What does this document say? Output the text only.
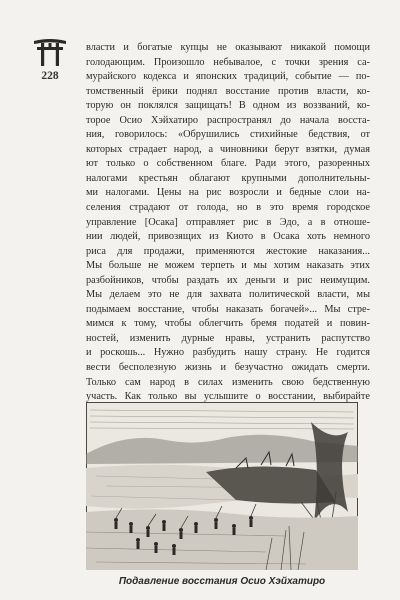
228

власти и богатые купцы не оказывают никакой помощи

голодающим. Произошло небывалое, с точки зрения са-

мурайского кодекса и японских традиций, событие — по-

томственный ёрики поднял восстание против власти, ко-

торую он поклялся защищать! В одном из воззваний, ко-

торое Осио Хэйхатиро распространял до начала восста-

ния, говорилось: «Обрушились стихийные бедствия, от

которых страдает народ, а чиновники берут взятки, думая

ют только о собственном благе. Ради этого, разоренных

налогами крестьян облагают крупными дополнительны-

ми налогами. Цены на рис возросли и бедные слои на-

селения страдают от голода, но в это время городское

управление [Осака] отправляет рис в Эдо, а в отноше-

нии людей, привозящих из Киото в Осака хоть немного

риса для продажи, применяются жестокие наказания...

Мы больше не можем терпеть и мы хотим наказать этих

разбойников, чтобы раздать их деньги и рис неимущим.

Мы делаем это не для захвата политической власти, мы

подымаем восстание, чтобы наказать богачей»... Мы стре-

мимся к тому, чтобы облегчить бремя податей и повин-

ностей, изменить дурные нравы, устранить распутство

и роскошь... Нужно разбудить нашу страну. Не годится

вести бесполезную жизнь и безучастно ожидать смерти.

Только сам народ в силах изменить свою бедственную

участь. Как только вы услышите о восстании, выбирайте

Подавление восстания Осио Хэйхатиро
